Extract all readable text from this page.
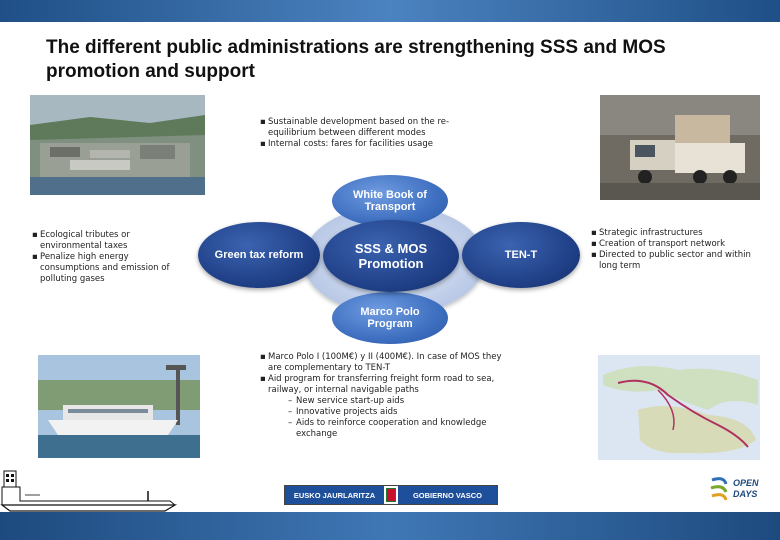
The different public administrations are strengthening SSS and MOS promotion and support
▪ Sustainable development based on the re-equilibrium between different modes
▪ Internal costs: fares for facilities usage
▪ Ecological tributes or environmental taxes
▪ Penalize high energy consumptions and emission of polluting gases
▪ Strategic infrastructures
▪ Creation of transport network
▪ Directed to public sector and within long term
▪ Marco Polo I (100M€) y II (400M€). In case of MOS they are complementary to TEN-T
▪ Aid program for transferring freight form road to sea, railway, or internal navigable paths
– New service start-up aids
– Innovative projects aids
– Aids to reinforce cooperation and knowledge exchange
White Book of Transport
Marco Polo Program
Green tax reform	SSS & MOS Promotion
TEN-T
EUSKO JAURLARITZA	GOBIERNO VASCO
OPEN
DAYS
